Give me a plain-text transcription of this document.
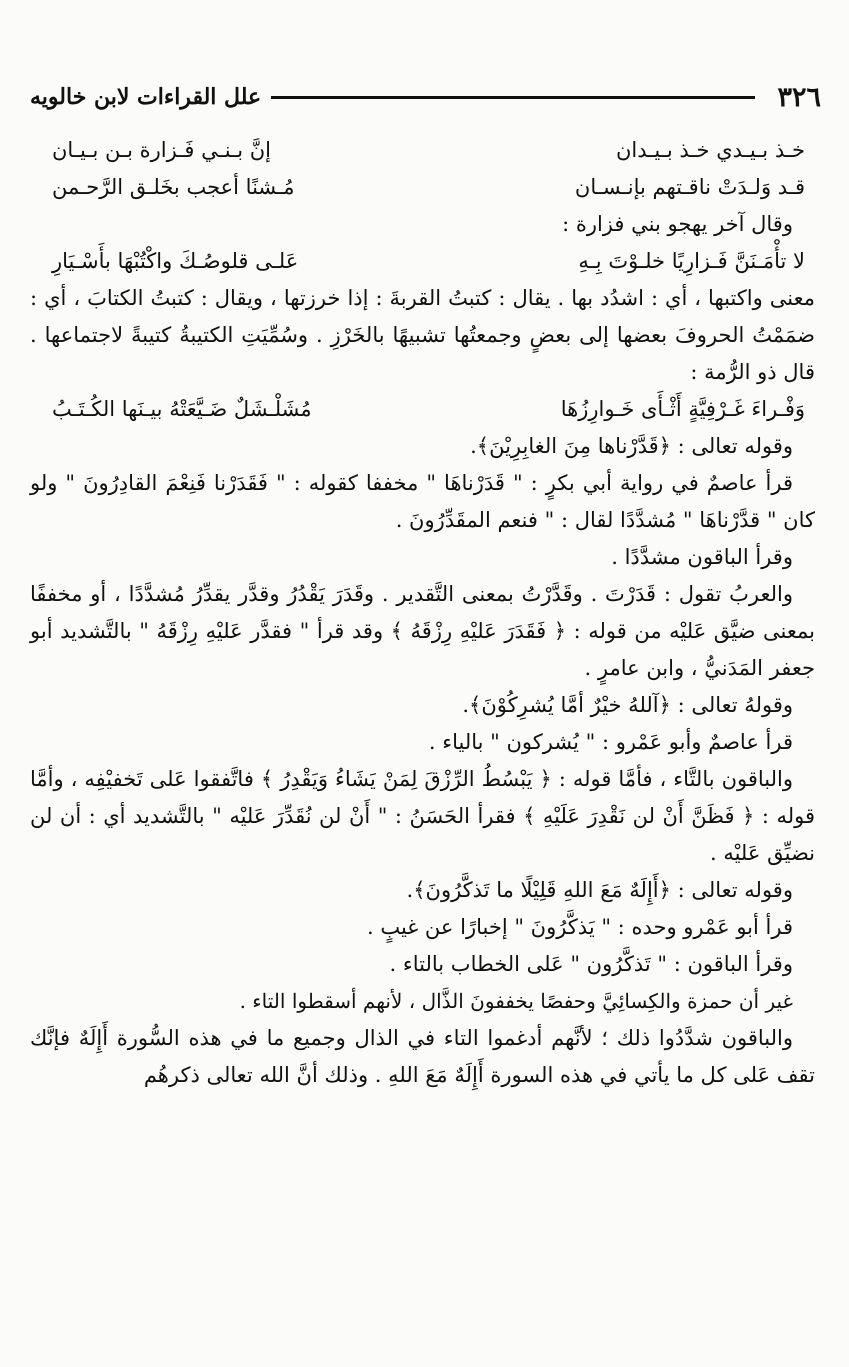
٣٢٦
علل القراءات لابن خالويه
خـذ بـيـدي خـذ بـيـدان
إنَّ بـنـي فَـزارة بـن بـيـان
قـد وَلـدَتْ ناقـتهم بإنـسـان
مُـشنًا أعجب بخَلـق الرَّحـمن

وقال آخر يهجو بني فزارة :

لا تأْمَـنَنَّ فَـزارِيًا خلـوْتَ بِـهِ
عَلـى قلوصُـكَ واكْتُبْهَا بأَسْـيَارِ

معنى واكتبها ، أي : اشدُد بها . يقال : كتبتُ القربةَ : إذا خرزتها ، ويقال : كتبتُ الكتابَ ، أي : ضمَمْتُ الحروفَ بعضها إلى بعضٍ وجمعتُها تشبيهًا بالخَرْزِ . وسُمِّيَتِ الكتيبةُ كتيبةً لاجتماعها . قال ذو الرُّمة :

وَفْـراءَ غَـرْفِيَّةٍ أَثْـأَى خَـوارِزُهَا
مُشَلْـشَلٌ ضَـيَّعَتْهُ بيـنَها الكُـتَـبُ

وقوله تعالى : ﴿قَدَّرْناها مِنَ الغابِرِيْنَ﴾.

قرأ عاصمٌ في رواية أبي بكرٍ : " قَدَرْناهَا " مخففا كقوله : " فَقَدَرْنا فَنِعْمَ القادِرُونَ " ولو كان " قدَّرْناهَا " مُشدَّدًا لقال : " فنعم المقَدِّرُونَ .

وقرأ الباقون مشدَّدًا .

والعربُ تقول : قَدَرْتَ . وقَدَّرْتُ بمعنى التَّقدير . وقَدَرَ يَقْدُرُ وقدَّر يقدِّرُ مُشدَّدًا ، أو مخففًا بمعنى ضيَّق عَليْه من قوله : ﴿ فَقَدَرَ عَليْهِ رِزْقَهُ ﴾ وقد قرأ " فقدَّر عَليْهِ رِزْقَهُ " بالتَّشديد أبو جعفر المَدَنيُّ ، وابن عامرٍ .

وقولهُ تعالى : ﴿آللهُ خيْرٌ أمَّا يُشرِكُوْنَ﴾.

قرأ عاصمٌ وأبو عَمْرو : " يُشركون " بالياء .

والباقون بالتَّاء ، فأمَّا قوله : ﴿ يَبْسُطُ الرِّزْقَ لِمَنْ يَشَاءُ وَيَقْدِرُ ﴾ فاتَّفقوا عَلى تَخفيْفِه ، وأمَّا قوله : ﴿ فَظَنَّ أَنْ لن نَقْدِرَ عَلَيْهِ ﴾ فقرأ الحَسَنُ : " أَنْ لن نُقَدِّرَ عَليْه " بالتَّشديد أي : أن لن نضيِّق عَليْه .

وقوله تعالى : ﴿أَإِلَهٌ مَعَ اللهِ قَلِيْلًا ما تَذكَّرُونَ﴾.

قرأ أبو عَمْرو وحده : " يَذكَّرُونَ " إخبارًا عن غيبٍ .

وقرأ الباقون : " تَذكَّرُون " عَلى الخطاب بالتاء .

غير أن حمزة والكِسائِيَّ وحفصًا يخففونَ الذَّال ، لأنهم أسقطوا التاء .

والباقون شدَّدُوا ذلك ؛ لأنَّهم أدغموا التاء في الذال وجميع ما في هذه السُّورة أَإِلَهٌ فإنَّك تقف عَلى كل ما يأتي في هذه السورة أَإِلَهٌ مَعَ اللهِ . وذلك أنَّ الله تعالى ذكرهُم
